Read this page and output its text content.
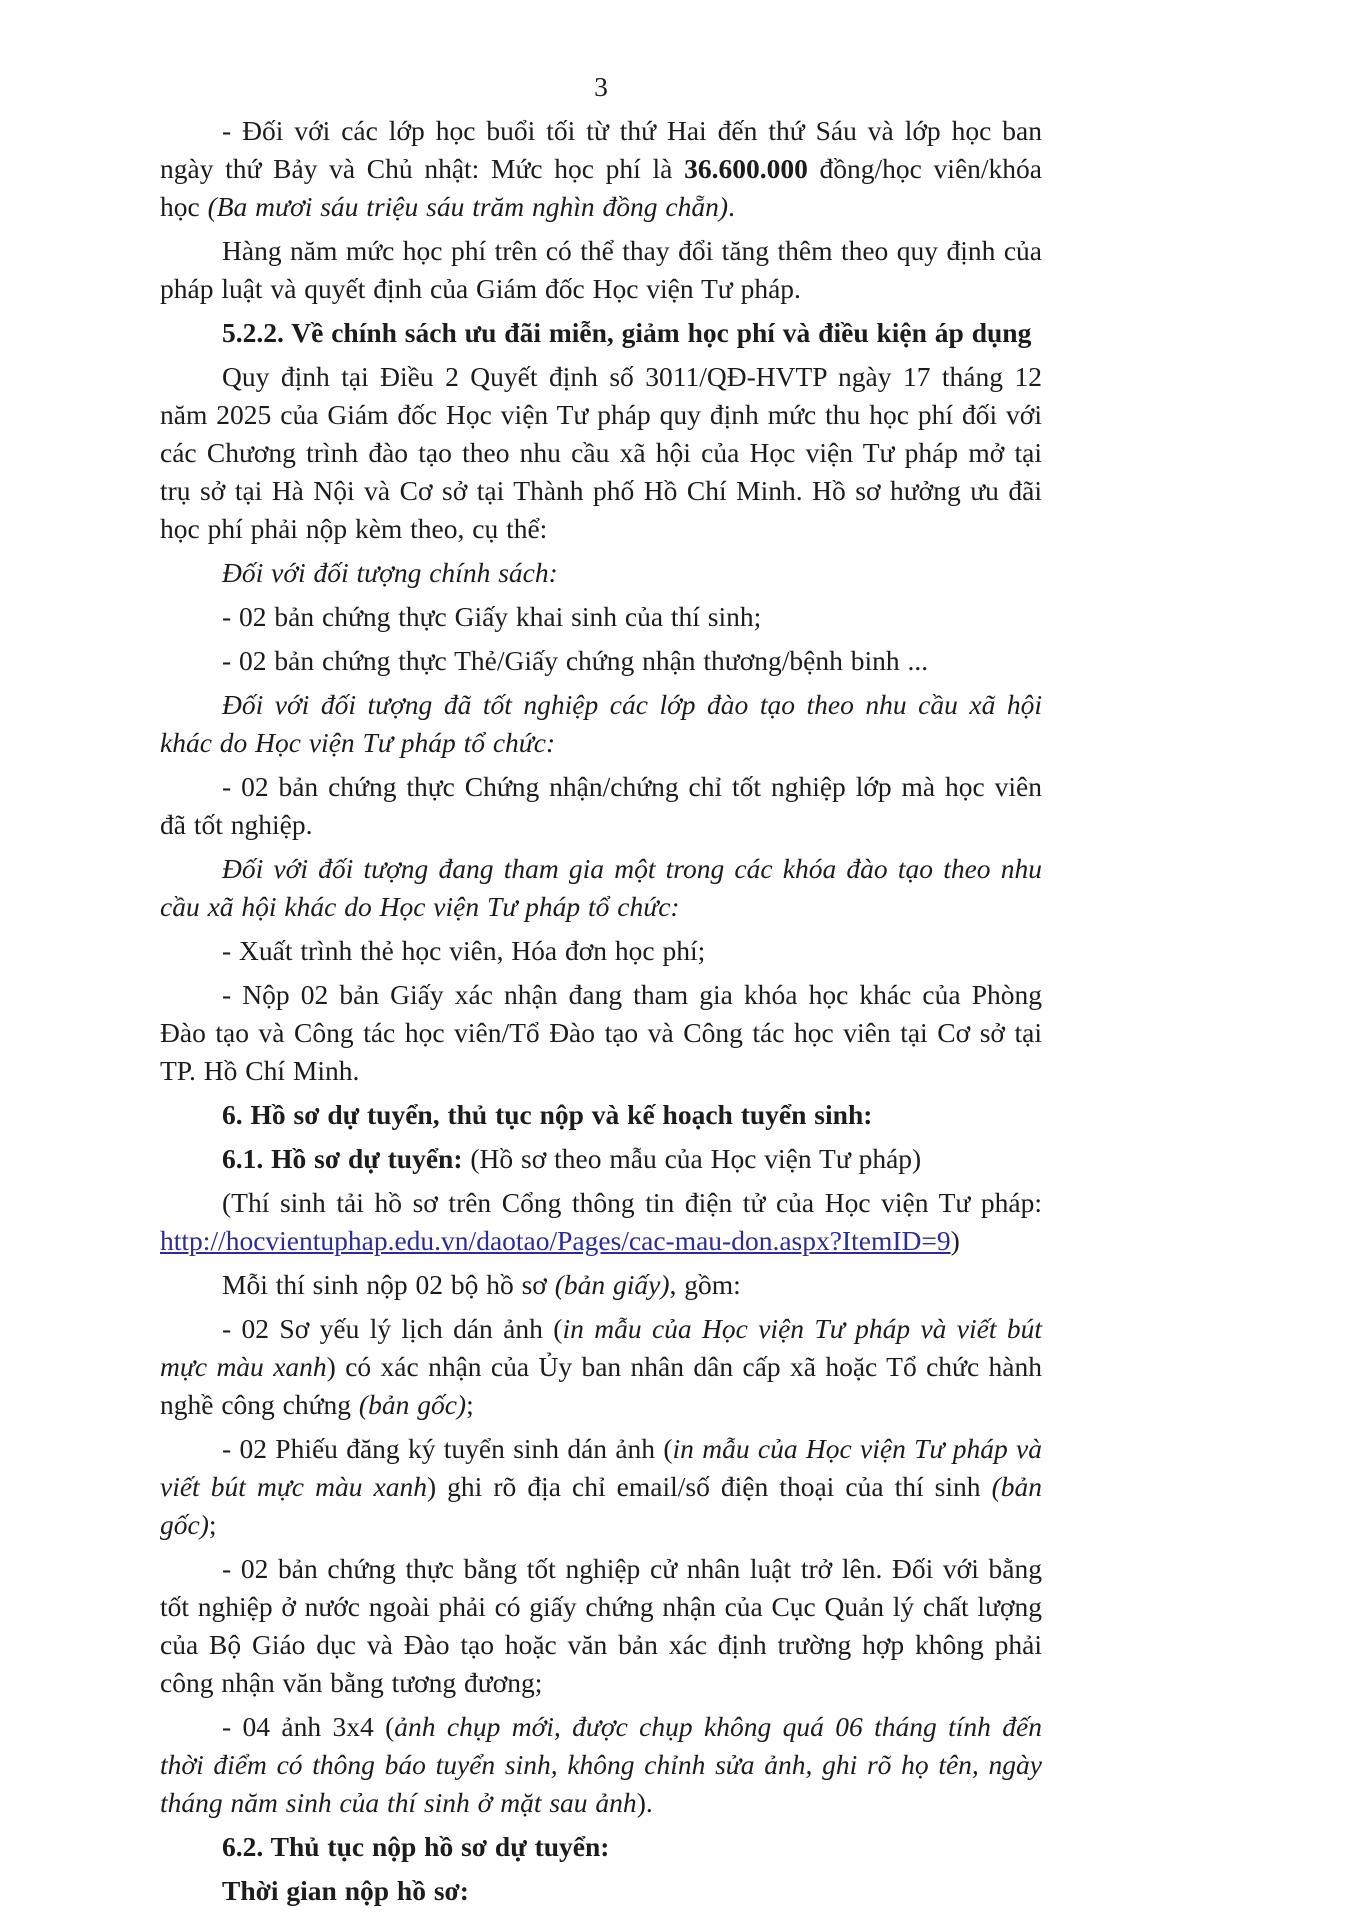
3

- Đối với các lớp học buổi tối từ thứ Hai đến thứ Sáu và lớp học ban ngày thứ Bảy và Chủ nhật: Mức học phí là 36.600.000 đồng/học viên/khóa học (Ba mươi sáu triệu sáu trăm nghìn đồng chẵn).

Hàng năm mức học phí trên có thể thay đổi tăng thêm theo quy định của pháp luật và quyết định của Giám đốc Học viện Tư pháp.

5.2.2. Về chính sách ưu đãi miễn, giảm học phí và điều kiện áp dụng

Quy định tại Điều 2 Quyết định số 3011/QĐ-HVTP ngày 17 tháng 12 năm 2025 của Giám đốc Học viện Tư pháp quy định mức thu học phí đối với các Chương trình đào tạo theo nhu cầu xã hội của Học viện Tư pháp mở tại trụ sở tại Hà Nội và Cơ sở tại Thành phố Hồ Chí Minh. Hồ sơ hưởng ưu đãi học phí phải nộp kèm theo, cụ thể:

Đối với đối tượng chính sách:

- 02 bản chứng thực Giấy khai sinh của thí sinh;

- 02 bản chứng thực Thẻ/Giấy chứng nhận thương/bệnh binh ...

Đối với đối tượng đã tốt nghiệp các lớp đào tạo theo nhu cầu xã hội khác do Học viện Tư pháp tổ chức:

- 02 bản chứng thực Chứng nhận/chứng chỉ tốt nghiệp lớp mà học viên đã tốt nghiệp.

Đối với đối tượng đang tham gia một trong các khóa đào tạo theo nhu cầu xã hội khác do Học viện Tư pháp tổ chức:

- Xuất trình thẻ học viên, Hóa đơn học phí;

- Nộp 02 bản Giấy xác nhận đang tham gia khóa học khác của Phòng Đào tạo và Công tác học viên/Tổ Đào tạo và Công tác học viên tại Cơ sở tại TP. Hồ Chí Minh.

6. Hồ sơ dự tuyển, thủ tục nộp và kế hoạch tuyển sinh:

6.1. Hồ sơ dự tuyển: (Hồ sơ theo mẫu của Học viện Tư pháp)

(Thí sinh tải hồ sơ trên Cổng thông tin điện tử của Học viện Tư pháp:

http://hocvientuphap.edu.vn/daotao/Pages/cac-mau-don.aspx?ItemID=9)

Mỗi thí sinh nộp 02 bộ hồ sơ (bản giấy), gồm:

- 02 Sơ yếu lý lịch dán ảnh (in mẫu của Học viện Tư pháp và viết bút mực màu xanh) có xác nhận của Ủy ban nhân dân cấp xã hoặc Tổ chức hành nghề công chứng (bản gốc);

- 02 Phiếu đăng ký tuyển sinh dán ảnh (in mẫu của Học viện Tư pháp và viết bút mực màu xanh) ghi rõ địa chỉ email/số điện thoại của thí sinh (bản gốc);

- 02 bản chứng thực bằng tốt nghiệp cử nhân luật trở lên. Đối với bằng tốt nghiệp ở nước ngoài phải có giấy chứng nhận của Cục Quản lý chất lượng của Bộ Giáo dục và Đào tạo hoặc văn bản xác định trường hợp không phải công nhận văn bằng tương đương;

- 04 ảnh 3x4 (ảnh chụp mới, được chụp không quá 06 tháng tính đến thời điểm có thông báo tuyển sinh, không chỉnh sửa ảnh, ghi rõ họ tên, ngày tháng năm sinh của thí sinh ở mặt sau ảnh).

6.2. Thủ tục nộp hồ sơ dự tuyển:

Thời gian nộp hồ sơ:
